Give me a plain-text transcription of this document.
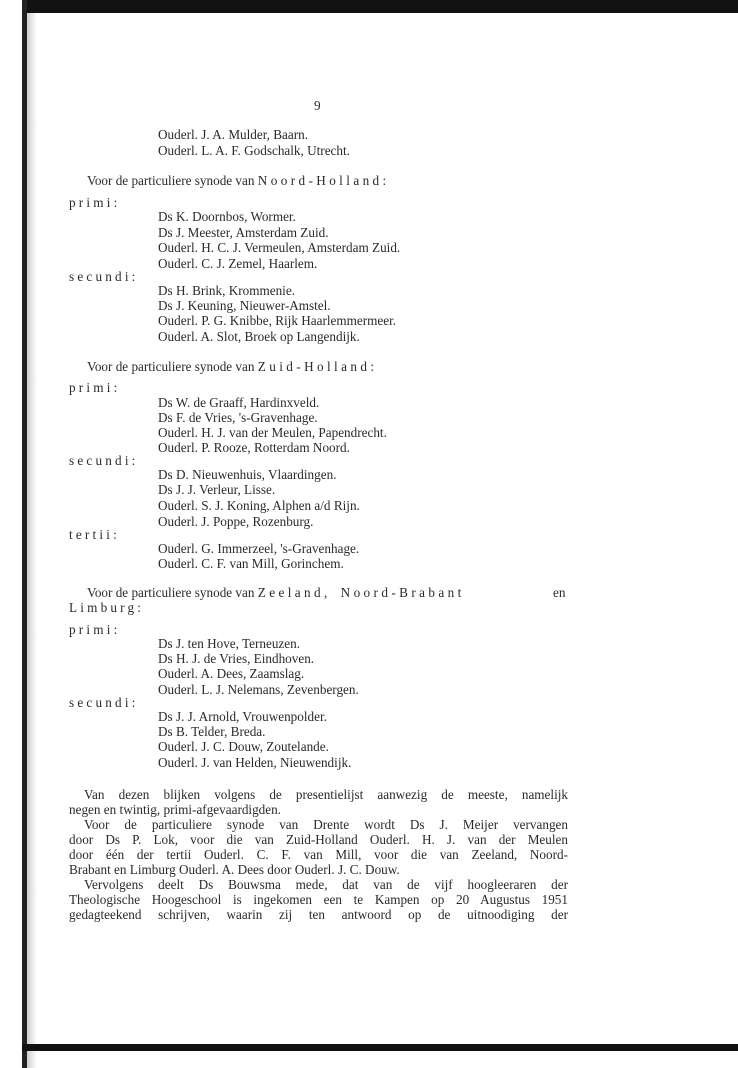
9
Ouderl. J. A. Mulder, Baarn.
Ouderl. L. A. F. Godschalk, Utrecht.
Voor de particuliere synode van Noord-Holland:
primi:
Ds K. Doornbos, Wormer.
Ds J. Meester, Amsterdam Zuid.
Ouderl. H. C. J. Vermeulen, Amsterdam Zuid.
Ouderl. C. J. Zemel, Haarlem.
secundi:
Ds H. Brink, Krommenie.
Ds J. Keuning, Nieuwer-Amstel.
Ouderl. P. G. Knibbe, Rijk Haarlemmermeer.
Ouderl. A. Slot, Broek op Langendijk.
Voor de particuliere synode van Zuid-Holland:
primi:
Ds W. de Graaff, Hardinxveld.
Ds F. de Vries, 's-Gravenhage.
Ouderl. H. J. van der Meulen, Papendrecht.
Ouderl. P. Rooze, Rotterdam Noord.
secundi:
Ds D. Nieuwenhuis, Vlaardingen.
Ds J. J. Verleur, Lisse.
Ouderl. S. J. Koning, Alphen a/d Rijn.
Ouderl. J. Poppe, Rozenburg.
tertii:
Ouderl. G. Immerzeel, 's-Gravenhage.
Ouderl. C. F. van Mill, Gorinchem.
Voor de particuliere synode van Zeeland, Noord-Brabant	en
Limburg:
primi:
Ds J. ten Hove, Terneuzen.
Ds H. J. de Vries, Eindhoven.
Ouderl. A. Dees, Zaamslag.
Ouderl. L. J. Nelemans, Zevenbergen.
secundi:
Ds J. J. Arnold, Vrouwenpolder.
Ds B. Telder, Breda.
Ouderl. J. C. Douw, Zoutelande.
Ouderl. J. van Helden, Nieuwendijk.
Van dezen blijken volgens de presentielijst aanwezig de meeste, namelijk
negen en twintig, primi-afgevaardigden.
Voor de particuliere synode van Drente wordt Ds J. Meijer vervangen
door Ds P. Lok, voor die van Zuid-Holland Ouderl. H. J. van der Meulen
door één der tertii Ouderl. C. F. van Mill, voor die van Zeeland, Noord-
Brabant en Limburg Ouderl. A. Dees door Ouderl. J. C. Douw.
Vervolgens deelt Ds Bouwsma mede, dat van de vijf hoogleeraren der
Theologische Hoogeschool is ingekomen een te Kampen op 20 Augustus 1951
gedagteekend schrijven, waarin zij ten antwoord op de uitnoodiging der
